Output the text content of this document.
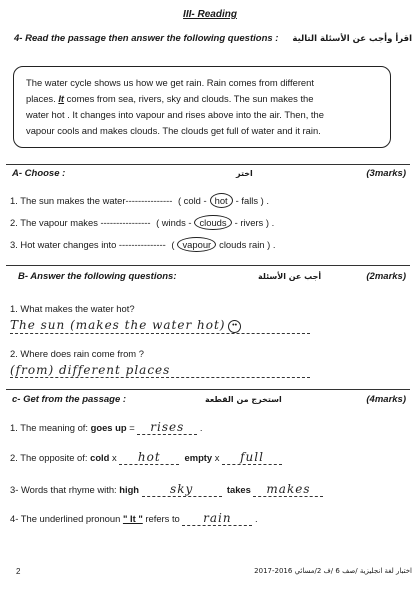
III- Reading
4- Read the passage then answer the following questions : اقرأ وأجب عن الأسئلة التالية
The water cycle shows us how we get rain. Rain comes from different
places. It comes from sea, rivers, sky and clouds. The sun makes the
water hot . It changes into vapour and rises above into the air. Then, the
vapour cools and makes clouds. The clouds get full of water and it rain.
A- Choose :	اختر	(3marks)
1. The sun makes the water--------------- ( cold - hot - falls ) .
2. The vapour makes ---------------- ( winds - clouds - rivers ) .
3. Hot water changes into --------------- ( vapour clouds rain ) .
B- Answer the following questions:	أجب عن الأسئلة	(2marks)
1. What makes the water hot?
The sun (makes the water hot) ••
2. Where does rain come from ?
(from) different places
c- Get from the passage :	استخرج من القطعة	(4marks)
1. The meaning of: goes up = rises .
2. The opposite of: cold x hot	empty x full
3- Words that rhyme with: high	sky	takes makes
4- The underlined pronoun " It " refers to rain .
2	اختبار لغة انجليزية /صف 6 /ف 2/مسائي 2016-2017
